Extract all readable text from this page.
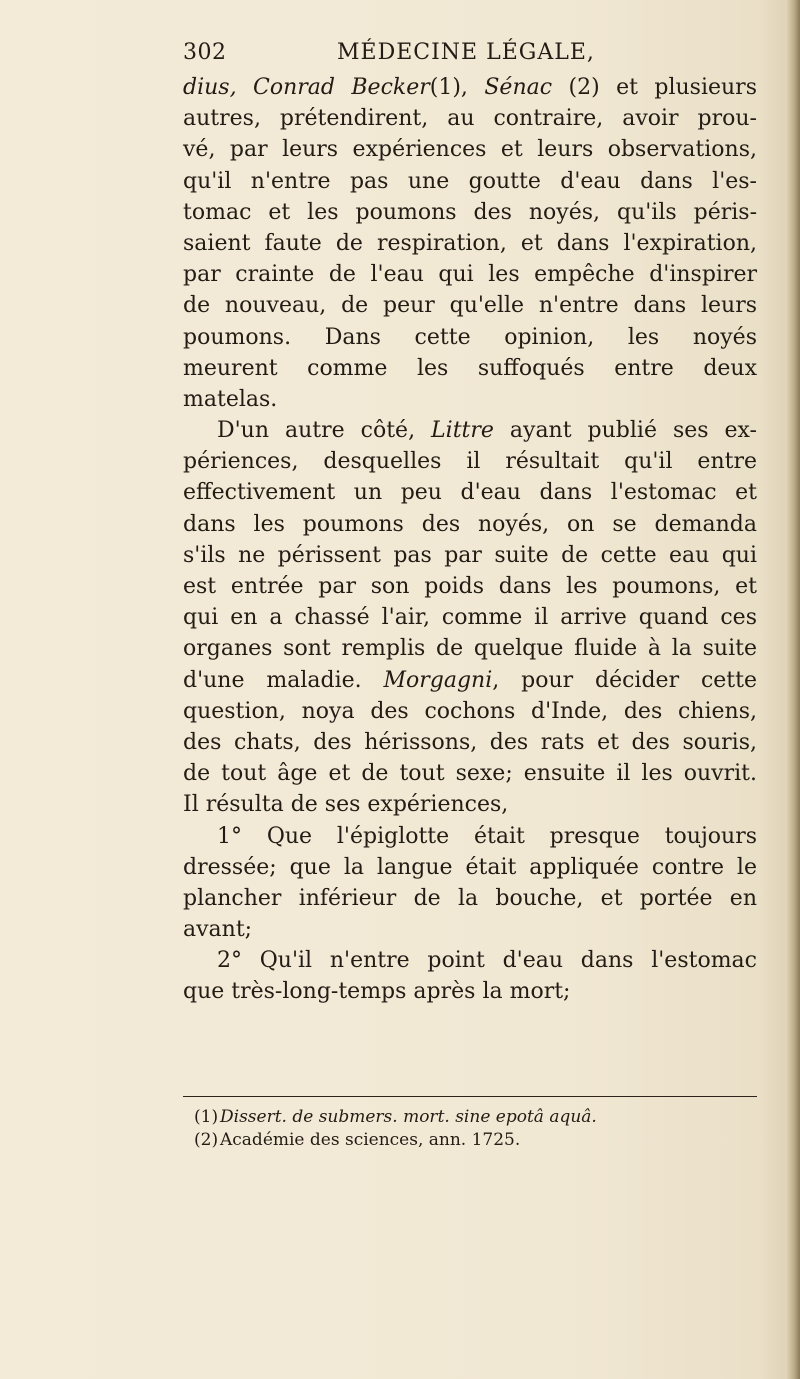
302	MÉDECINE LÉGALE,
dius, Conrad Becker(1), Sénac (2) et plusieurs
autres, prétendirent, au contraire, avoir prou-
vé, par leurs expériences et leurs observations,
qu'il n'entre pas une goutte d'eau dans l'es-
tomac et les poumons des noyés, qu'ils péris-
saient faute de respiration, et dans l'expiration,
par crainte de l'eau qui les empêche d'inspirer
de nouveau, de peur qu'elle n'entre dans leurs
poumons. Dans cette opinion, les noyés
meurent comme les suffoqués entre deux
matelas.
D'un autre côté, Littre ayant publié ses ex-
périences, desquelles il résultait qu'il entre
effectivement un peu d'eau dans l'estomac et
dans les poumons des noyés, on se demanda
s'ils ne périssent pas par suite de cette eau qui
est entrée par son poids dans les poumons, et
qui en a chassé l'air, comme il arrive quand ces
organes sont remplis de quelque fluide à la suite
d'une maladie. Morgagni, pour décider cette
question, noya des cochons d'Inde, des chiens,
des chats, des hérissons, des rats et des souris,
de tout âge et de tout sexe; ensuite il les ouvrit.
Il résulta de ses expériences,
1° Que l'épiglotte était presque toujours
dressée; que la langue était appliquée contre le
plancher inférieur de la bouche, et portée en
avant;
2° Qu'il n'entre point d'eau dans l'estomac
que très-long-temps après la mort;
(1) Dissert. de submers. mort. sine epotâ aquâ.
(2) Académie des sciences, ann. 1725.
